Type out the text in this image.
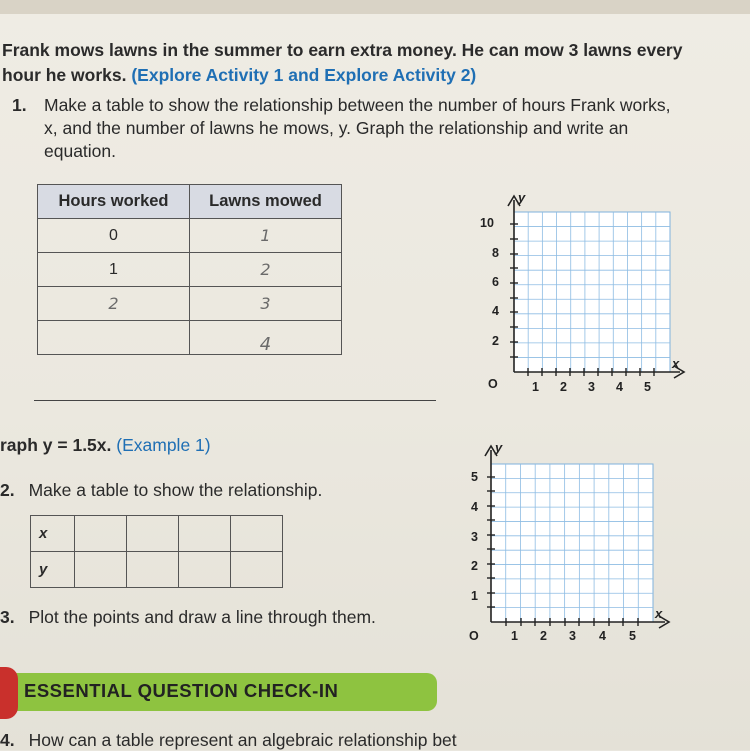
Frank mows lawns in the summer to earn extra money. He can mow 3 lawns every hour he works. (Explore Activity 1 and Explore Activity 2)
1. Make a table to show the relationship between the number of hours Frank works, x, and the number of lawns he mows, y. Graph the relationship and write an equation.
Hours worked	Lawns mowed
0	1
1	2
2	3
	4
y
x
O	1 2 3 4 5
2
4
6
8
10
raph y = 1.5x. (Example 1)
2. Make a table to show the relationship.
x				
y				
3. Plot the points and draw a line through them.
y
x
O	1 2 3 4 5
1
2
3
4
5
ESSENTIAL QUESTION CHECK-IN
4. How can a table represent an algebraic relationship bet
